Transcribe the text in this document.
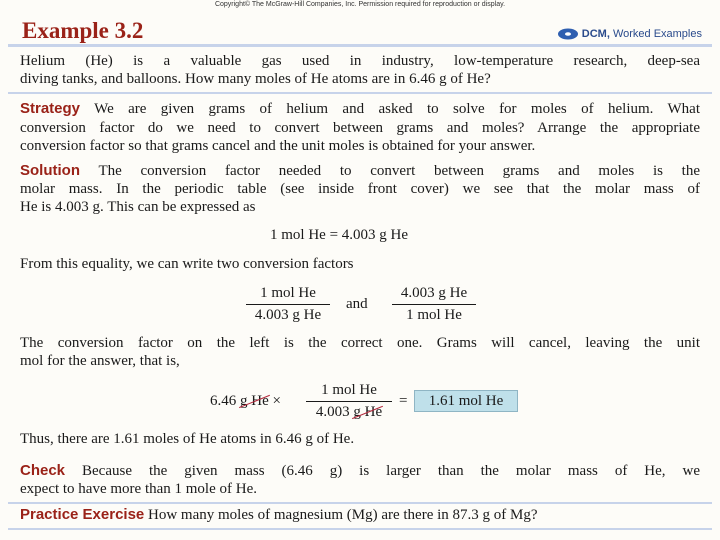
Copyright© The McGraw-Hill Companies, Inc. Permission required for reproduction or display.
Example 3.2	DCM, Worked Examples
Helium (He) is a valuable gas used in industry, low-temperature research, deep-sea
diving tanks, and balloons. How many moles of He atoms are in 6.46 g of He?
Strategy We are given grams of helium and asked to solve for moles of helium. What
conversion factor do we need to convert between grams and moles? Arrange the appropriate
conversion factor so that grams cancel and the unit moles is obtained for your answer.
Solution The conversion factor needed to convert between grams and moles is the
molar mass. In the periodic table (see inside front cover) we see that the molar mass of
He is 4.003 g. This can be expressed as
1 mol He = 4.003 g He
From this equality, we can write two conversion factors
1 mol He
4.003 g He
and
4.003 g He
1 mol He
The conversion factor on the left is the correct one. Grams will cancel, leaving the unit
mol for the answer, that is,
6.46 g He ×
1 mol He
4.003 g He
=	1.61 mol He
Thus, there are 1.61 moles of He atoms in 6.46 g of He.
Check Because the given mass (6.46 g) is larger than the molar mass of He, we
expect to have more than 1 mole of He.
Practice Exercise How many moles of magnesium (Mg) are there in 87.3 g of Mg?
